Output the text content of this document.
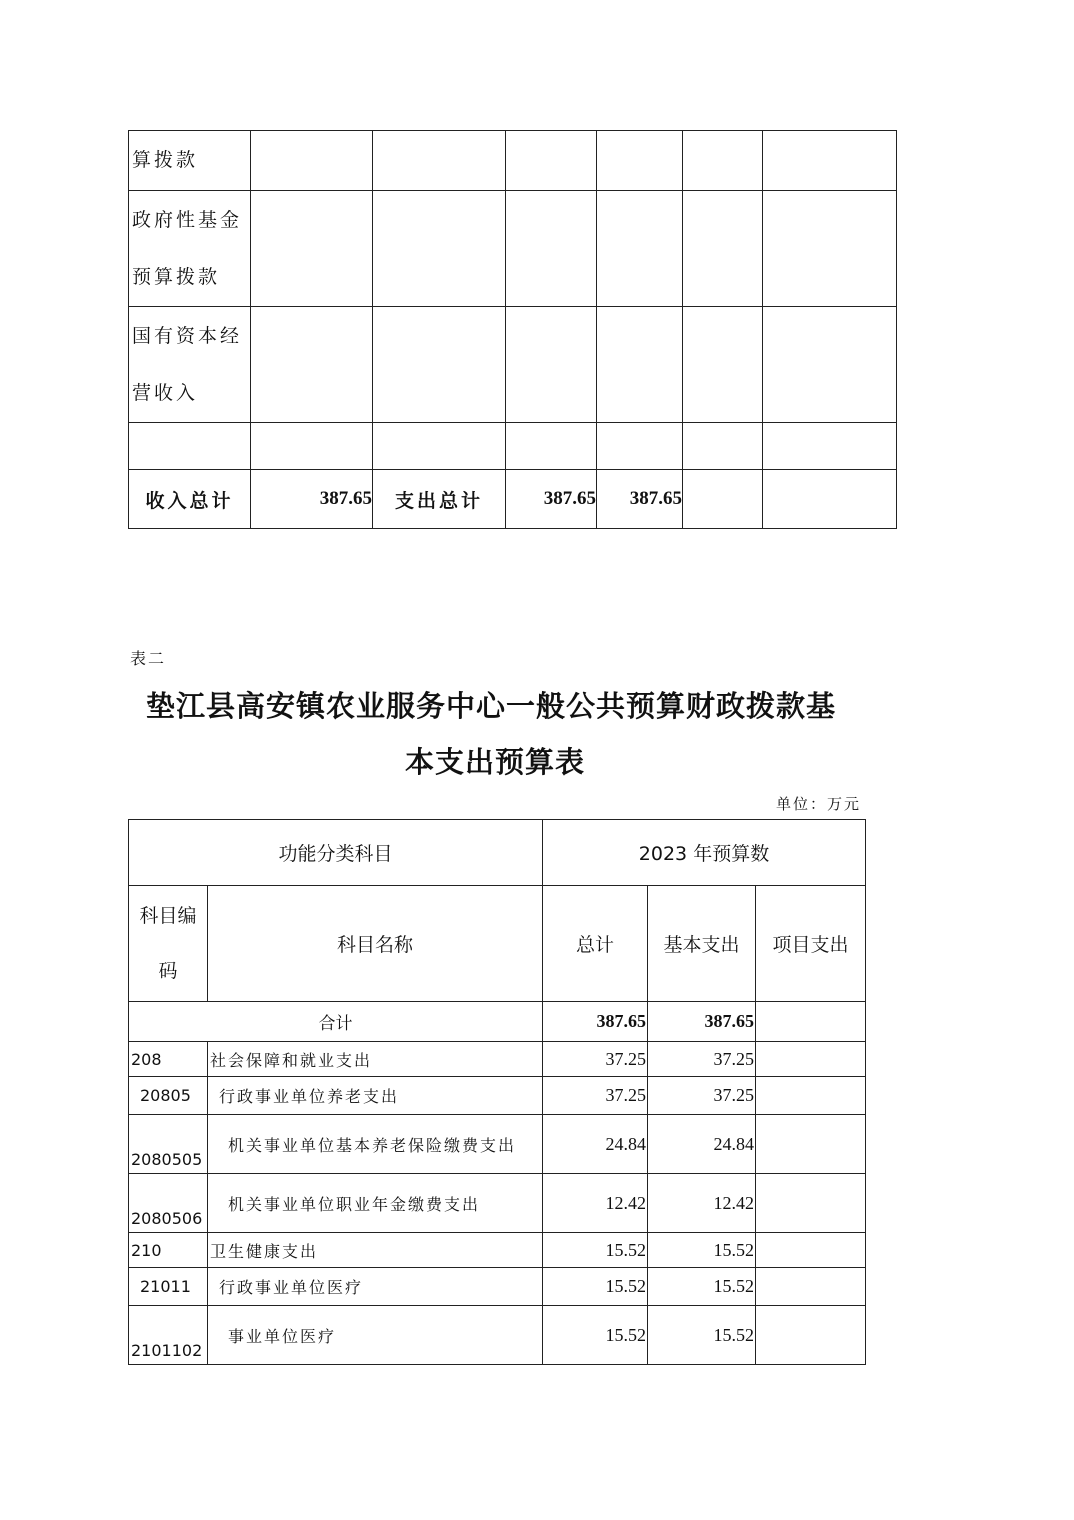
算拨款						

政府性基金
预算拨款						

国有资本经
营收入						

收入总计	387.65	支出总计	387.65	387.65		
表二
垫江县高安镇农业服务中心一般公共预算财政拨款基
本支出预算表
单位：万元
功能分类科目		2023 年预算数		

科目编
码	科目名称	总计	基本支出	项目支出
合计		387.65	387.65	
208	社会保障和就业支出	37.25	37.25	
20805	行政事业单位养老支出	37.25	37.25	
2080505	机关事业单位基本养老保险缴费支出	24.84	24.84	
2080506	机关事业单位职业年金缴费支出	12.42	12.42	
210	卫生健康支出	15.52	15.52	
21011	行政事业单位医疗	15.52	15.52	
2101102	事业单位医疗	15.52	15.52	
